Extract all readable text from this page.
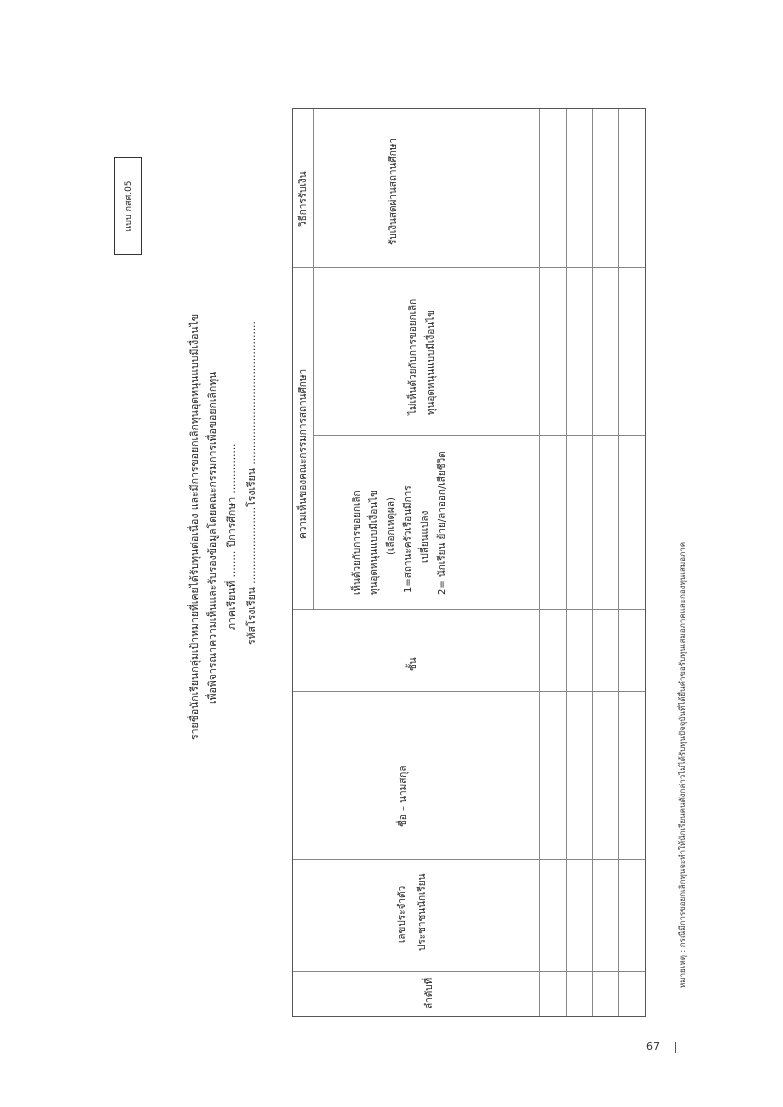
แบบ กสศ.05
รายชื่อนักเรียนกลุ่มเป้าหมายที่เคยได้รับทุนต่อเนื่อง และมีการขอยกเลิกทุนอุดหนุนแบบมีเงื่อนไข เพื่อพิจารณาความเห็นและรับรองข้อมูลโดยคณะกรรมการเพื่อขอยกเลิกทุน ภาคเรียนที่ ........ ปีการศึกษา ............... รหัสโรงเรียน .......................โรงเรียน ...........................................
วิธีการรับเงิน	รับเงินสดผ่านสถานศึกษา
ความเห็นของคณะกรรมการสถานศึกษา
ไม่เห็นด้วยกับการขอยกเลิก ทุนอุดหนุนแบบมีเงื่อนไข
เห็นด้วยกับการขอยกเลิก ทุนอุดหนุนแบบมีเงื่อนไข (เลือกเหตุผล) 1=สถานะครัวเรือนมีการ เปลี่ยนแปลง 2= นักเรียน ย้าย/ลาออก/เสียชีวิต
ชั้น
ชื่อ – นามสกุล
เลขประจำตัว ประชาชนนักเรียน
ลำดับที่
หมายเหตุ : กรณีมีการขอยกเลิกทุนจะทำให้นักเรียนคนดังกล่าวไม่ได้รับทุนปัจจุบันที่ได้ยื่นคำขอรับทุนเสมอภาคและกองทุนเสมอภาค
67
